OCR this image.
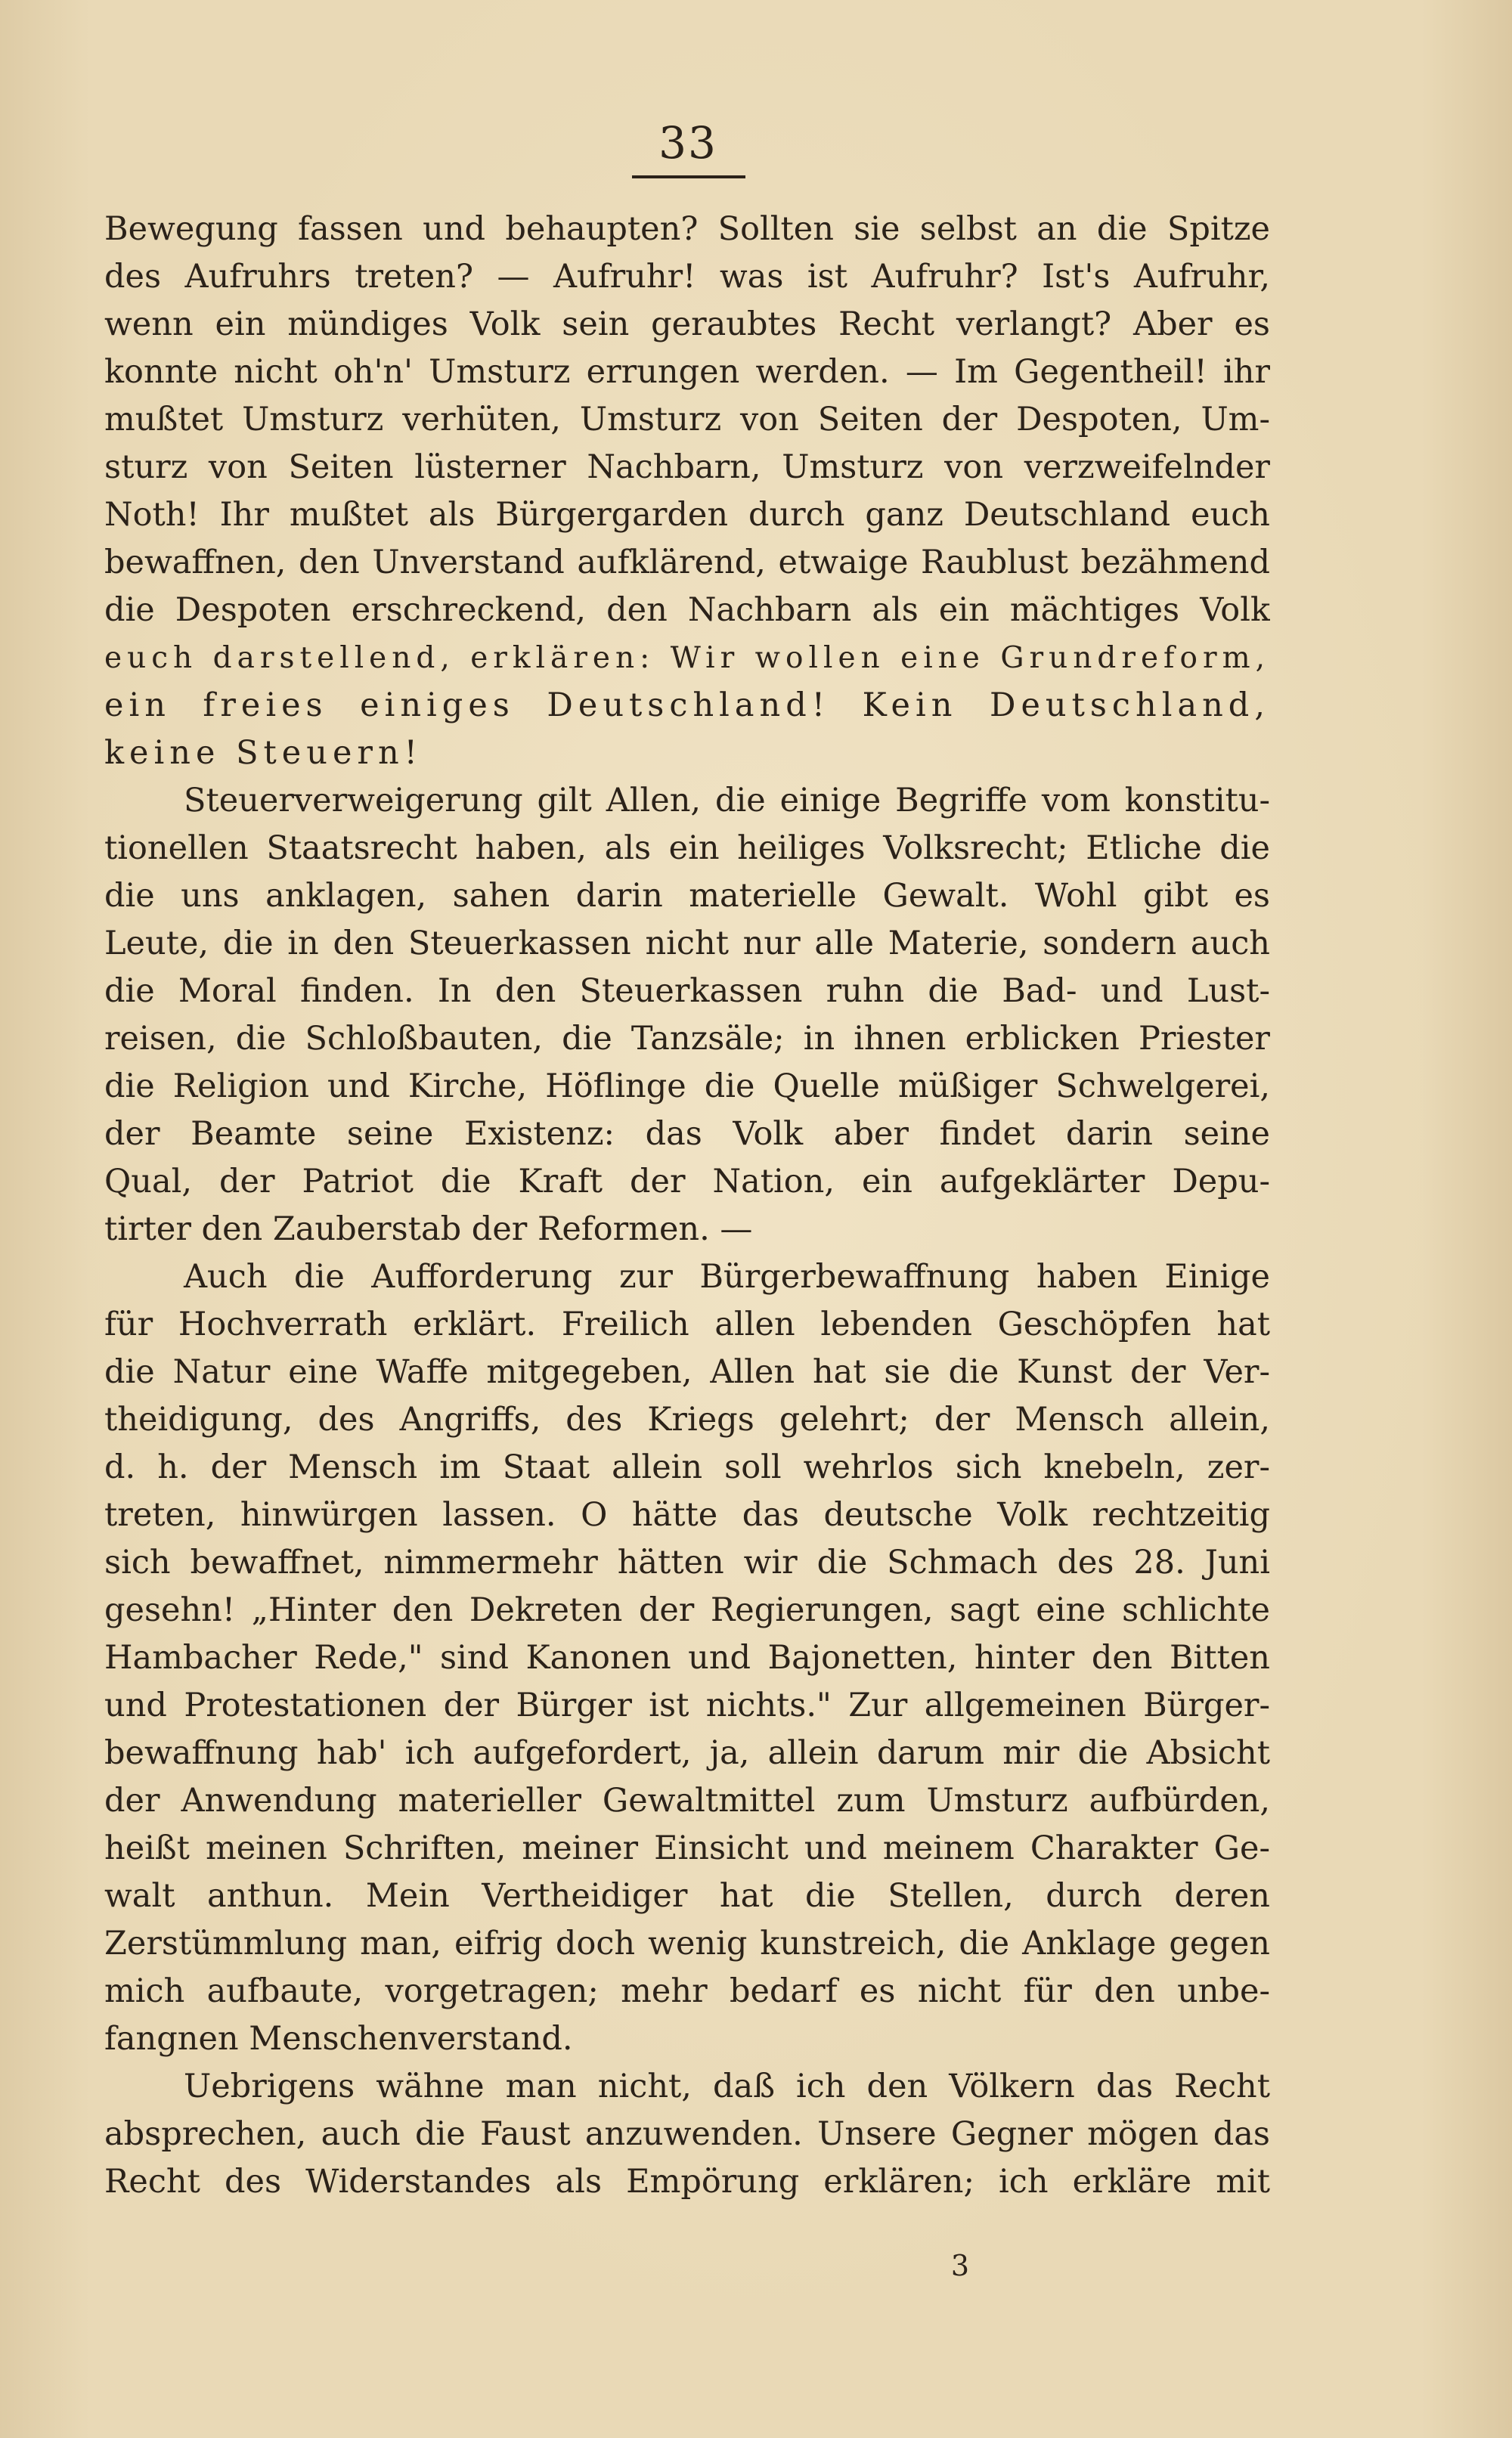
33
Bewegung fassen und behaupten? Sollten sie selbst an die Spitze
des Aufruhrs treten? — Aufruhr! was ist Aufruhr? Ist's Aufruhr,
wenn ein mündiges Volk sein geraubtes Recht verlangt? Aber es
konnte nicht oh'n' Umsturz errungen werden. — Im Gegentheil! ihr
mußtet Umsturz verhüten, Umsturz von Seiten der Despoten, Um-
sturz von Seiten lüsterner Nachbarn, Umsturz von verzweifelnder
Noth! Ihr mußtet als Bürgergarden durch ganz Deutschland euch
bewaffnen, den Unverstand aufklärend, etwaige Raublust bezähmend
die Despoten erschreckend, den Nachbarn als ein mächtiges Volk
euch darstellend, erklären: Wir wollen eine Grundreform,
ein freies einiges Deutschland! Kein Deutschland,
keine Steuern!
Steuerverweigerung gilt Allen, die einige Begriffe vom konstitu-
tionellen Staatsrecht haben, als ein heiliges Volksrecht; Etliche die
die uns anklagen, sahen darin materielle Gewalt. Wohl gibt es
Leute, die in den Steuerkassen nicht nur alle Materie, sondern auch
die Moral finden. In den Steuerkassen ruhn die Bad- und Lust-
reisen, die Schloßbauten, die Tanzsäle; in ihnen erblicken Priester
die Religion und Kirche, Höflinge die Quelle müßiger Schwelgerei,
der Beamte seine Existenz: das Volk aber findet darin seine
Qual, der Patriot die Kraft der Nation, ein aufgeklärter Depu-
tirter den Zauberstab der Reformen. —
Auch die Aufforderung zur Bürgerbewaffnung haben Einige
für Hochverrath erklärt. Freilich allen lebenden Geschöpfen hat
die Natur eine Waffe mitgegeben, Allen hat sie die Kunst der Ver-
theidigung, des Angriffs, des Kriegs gelehrt; der Mensch allein,
d. h. der Mensch im Staat allein soll wehrlos sich knebeln, zer-
treten, hinwürgen lassen. O hätte das deutsche Volk rechtzeitig
sich bewaffnet, nimmermehr hätten wir die Schmach des 28. Juni
gesehn! „Hinter den Dekreten der Regierungen, sagt eine schlichte
Hambacher Rede," sind Kanonen und Bajonetten, hinter den Bitten
und Protestationen der Bürger ist nichts." Zur allgemeinen Bürger-
bewaffnung hab' ich aufgefordert, ja, allein darum mir die Absicht
der Anwendung materieller Gewaltmittel zum Umsturz aufbürden,
heißt meinen Schriften, meiner Einsicht und meinem Charakter Ge-
walt anthun. Mein Vertheidiger hat die Stellen, durch deren
Zerstümmlung man, eifrig doch wenig kunstreich, die Anklage gegen
mich aufbaute, vorgetragen; mehr bedarf es nicht für den unbe-
fangnen Menschenverstand.
Uebrigens wähne man nicht, daß ich den Völkern das Recht
absprechen, auch die Faust anzuwenden. Unsere Gegner mögen das
Recht des Widerstandes als Empörung erklären; ich erkläre mit
3
